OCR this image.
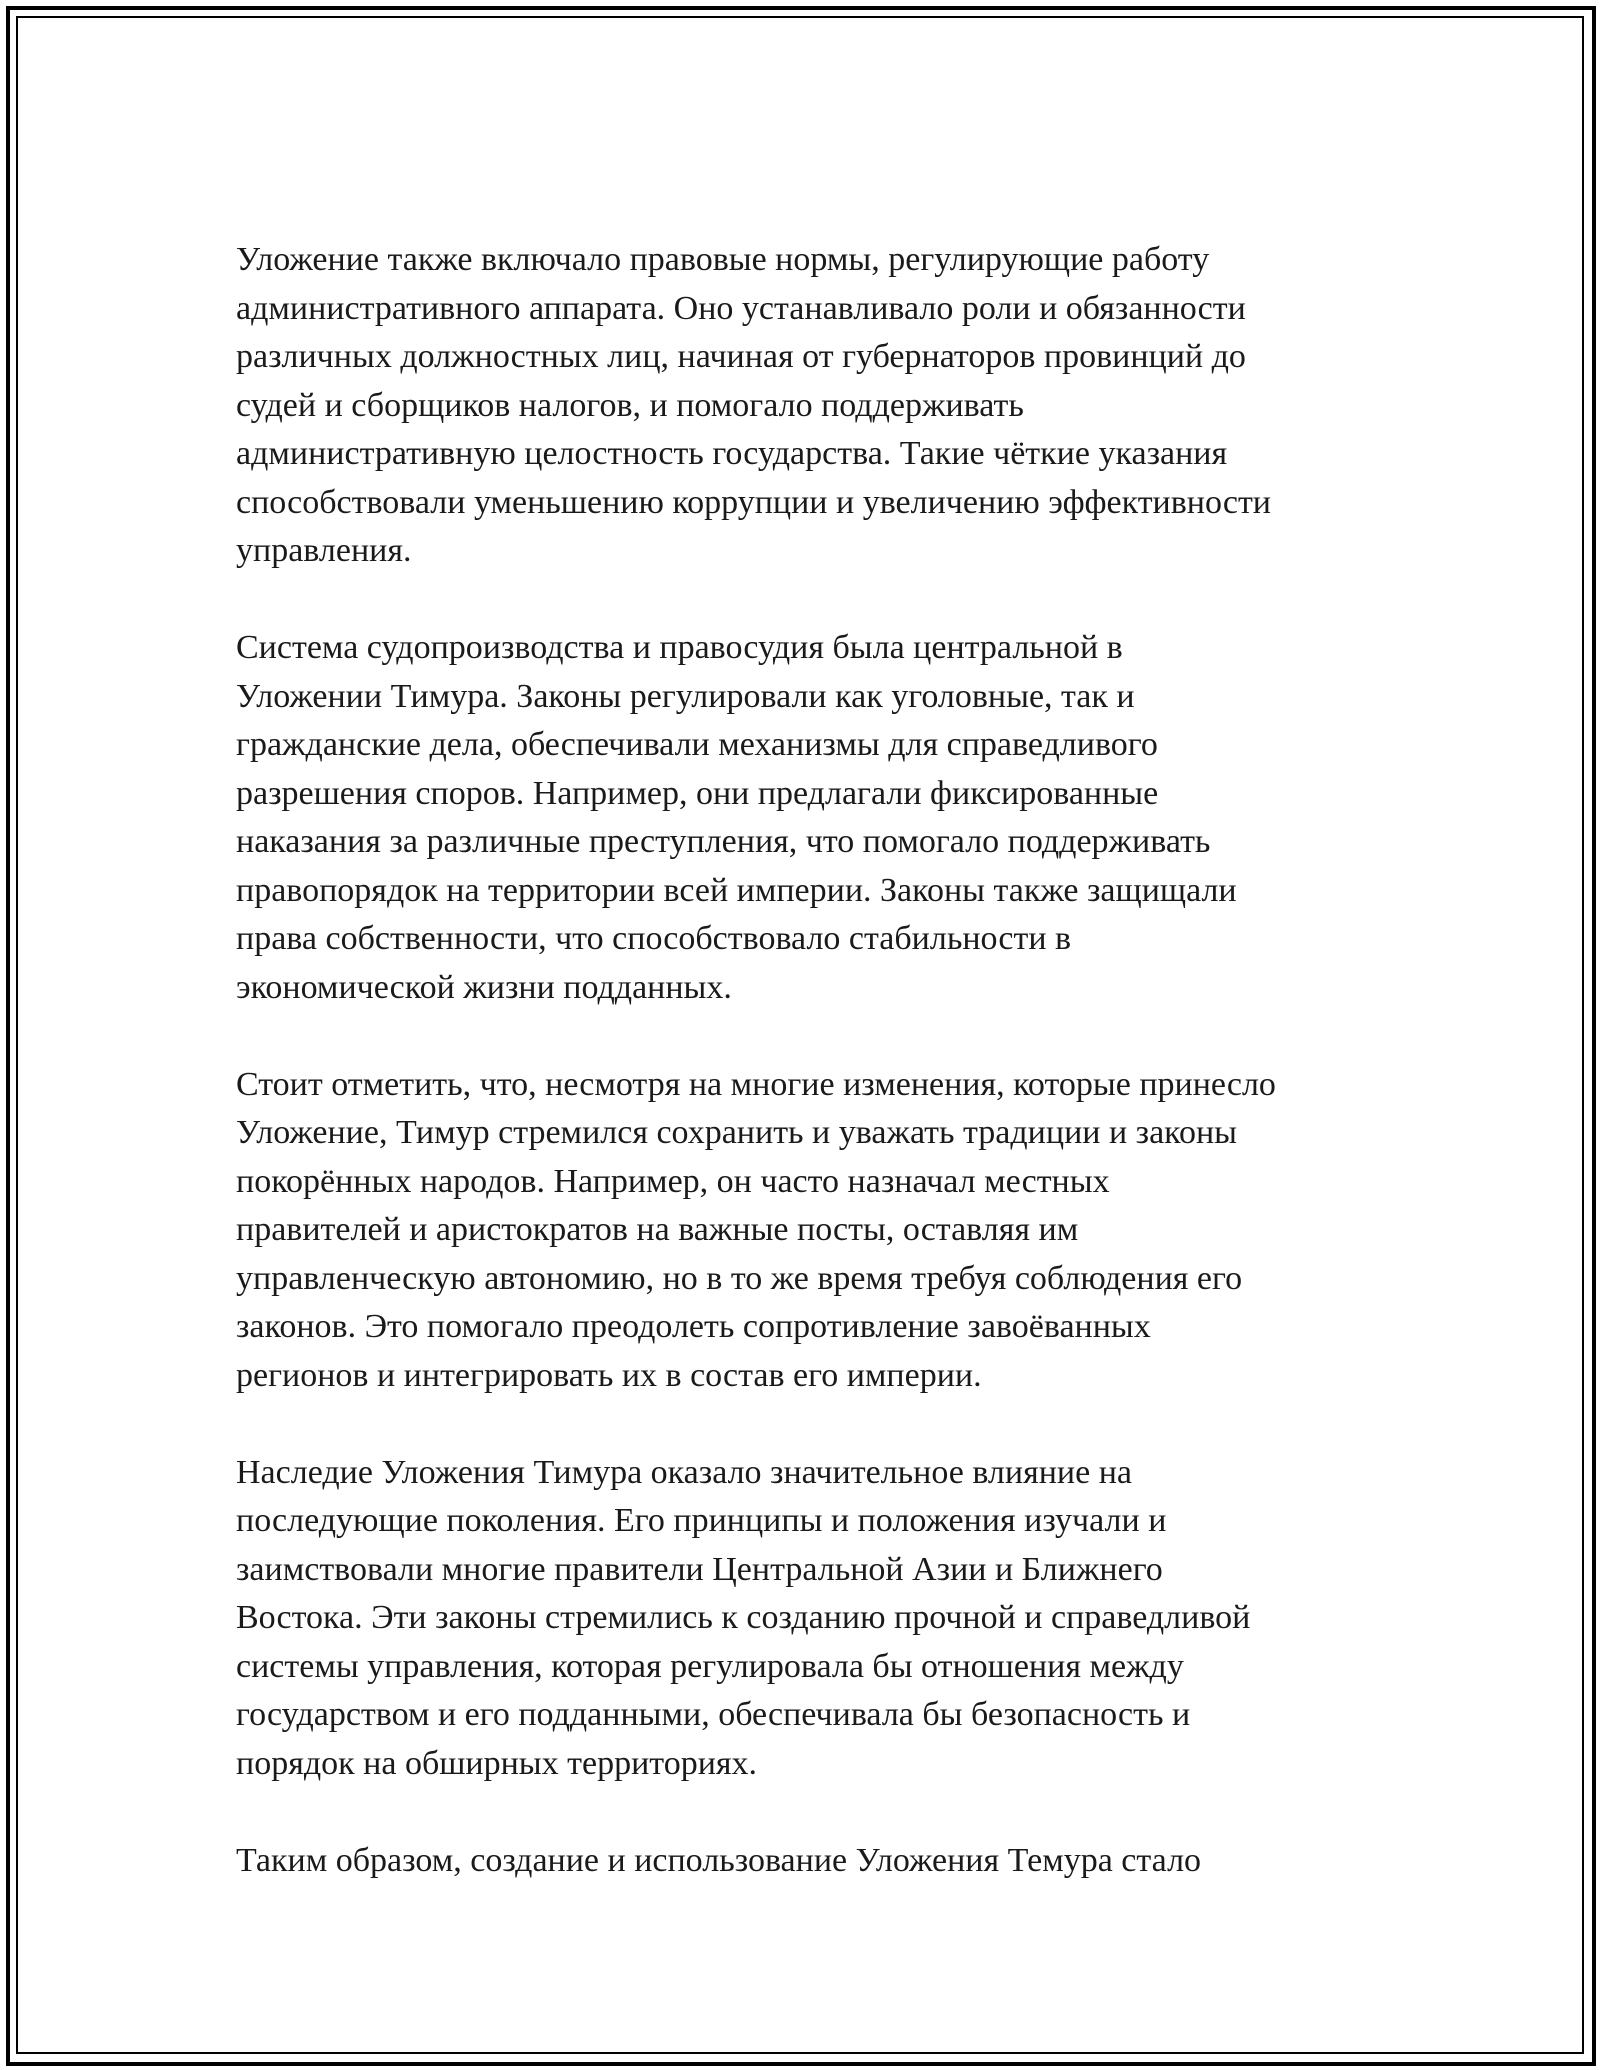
Уложение также включало правовые нормы, регулирующие работу
административного аппарата. Оно устанавливало роли и обязанности
различных должностных лиц, начиная от губернаторов провинций до
судей и сборщиков налогов, и помогало поддерживать
административную целостность государства. Такие чёткие указания
способствовали уменьшению коррупции и увеличению эффективности
управления.

Система судопроизводства и правосудия была центральной в
Уложении Тимура. Законы регулировали как уголовные, так и
гражданские дела, обеспечивали механизмы для справедливого
разрешения споров. Например, они предлагали фиксированные
наказания за различные преступления, что помогало поддерживать
правопорядок на территории всей империи. Законы также защищали
права собственности, что способствовало стабильности в
экономической жизни подданных.

Стоит отметить, что, несмотря на многие изменения, которые принесло
Уложение, Тимур стремился сохранить и уважать традиции и законы
покорённых народов. Например, он часто назначал местных
правителей и аристократов на важные посты, оставляя им
управленческую автономию, но в то же время требуя соблюдения его
законов. Это помогало преодолеть сопротивление завоёванных
регионов и интегрировать их в состав его империи.

Наследие Уложения Тимура оказало значительное влияние на
последующие поколения. Его принципы и положения изучали и
заимствовали многие правители Центральной Азии и Ближнего
Востока. Эти законы стремились к созданию прочной и справедливой
системы управления, которая регулировала бы отношения между
государством и его подданными, обеспечивала бы безопасность и
порядок на обширных территориях.

Таким образом, создание и использование Уложения Темура стало
